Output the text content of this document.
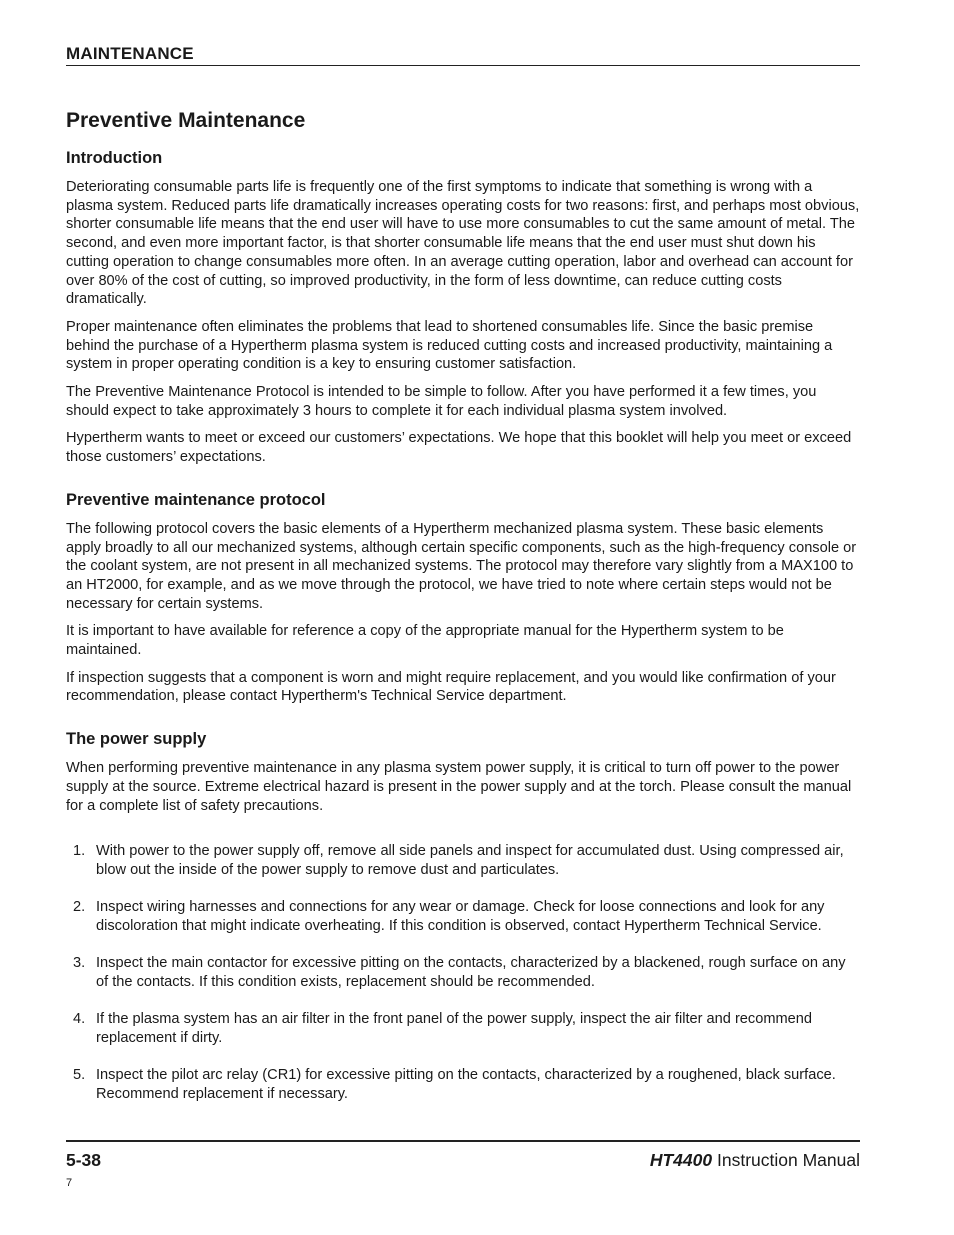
MAINTENANCE
Preventive Maintenance
Introduction

Deteriorating consumable parts life is frequently one of the first symptoms to indicate that something is wrong with a plasma system. Reduced parts life dramatically increases operating costs for two reasons: first, and perhaps most obvious, shorter consumable life means that the end user will have to use more consumables to cut the same amount of metal. The second, and even more important factor, is that shorter consumable life means that the end user must shut down his cutting operation to change consumables more often. In an average cutting operation, labor and overhead can account for over 80% of the cost of cutting, so improved productivity, in the form of less downtime, can reduce cutting costs dramatically.

Proper maintenance often eliminates the problems that lead to shortened consumables life. Since the basic premise behind the purchase of a Hypertherm plasma system is reduced cutting costs and increased productivity, maintaining a system in proper operating condition is a key to ensuring customer satisfaction.

The Preventive Maintenance Protocol is intended to be simple to follow. After you have performed it a few times, you should expect to take approximately 3 hours to complete it for each individual plasma system involved.

Hypertherm wants to meet or exceed our customers’ expectations. We hope that this booklet will help you meet or exceed those customers’ expectations.

Preventive maintenance protocol

The following protocol covers the basic elements of a Hypertherm mechanized plasma system. These basic elements apply broadly to all our mechanized systems, although certain specific components, such as the high-frequency console or the coolant system, are not present in all mechanized systems. The protocol may therefore vary slightly from a MAX100 to an HT2000, for example, and as we move through the protocol, we have tried to note where certain steps would not be necessary for certain systems.

It is important to have available for reference a copy of the appropriate manual for the Hypertherm system to be maintained.

If inspection suggests that a component is worn and might require replacement, and you would like confirmation of your recommendation, please contact Hypertherm's Technical Service department.

The power supply

When performing preventive maintenance in any plasma system power supply, it is critical to turn off power to the power supply at the source. Extreme electrical hazard is present in the power supply and at the torch. Please consult the manual for a complete list of safety precautions.

1. With power to the power supply off, remove all side panels and inspect for accumulated dust. Using compressed air, blow out the inside of the power supply to remove dust and particulates.
2. Inspect wiring harnesses and connections for any wear or damage. Check for loose connections and look for any discoloration that might indicate overheating. If this condition is observed, contact Hypertherm Technical Service.
3. Inspect the main contactor for excessive pitting on the contacts, characterized by a blackened, rough surface on any of the contacts. If this condition exists, replacement should be recommended.
4. If the plasma system has an air filter in the front panel of the power supply, inspect the air filter and recommend replacement if dirty.
5. Inspect the pilot arc relay (CR1) for excessive pitting on the contacts, characterized by a roughened, black surface. Recommend replacement if necessary.
5-38	HT4400 Instruction Manual
7
